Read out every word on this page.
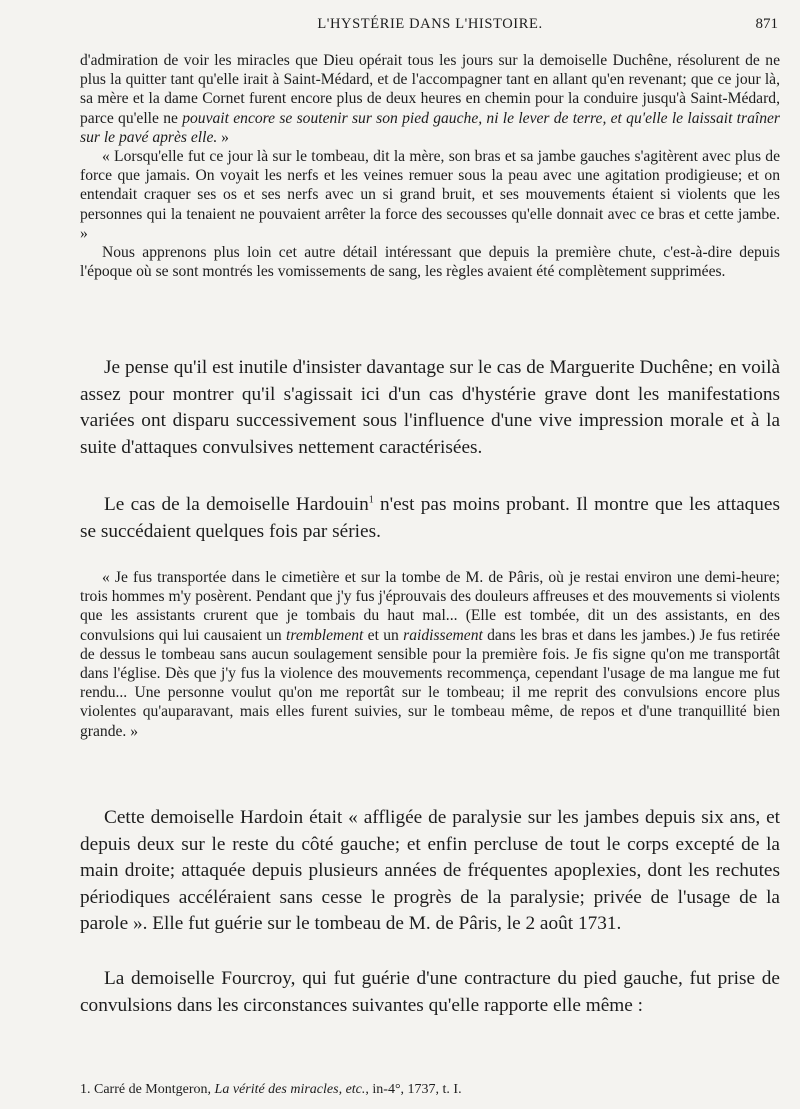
L'HYSTÉRIE DANS L'HISTOIRE.	871

d'admiration de voir les miracles que Dieu opérait tous les jours sur la demoiselle Duchêne, résolurent de ne plus la quitter tant qu'elle irait à Saint-Médard, et de l'accompagner tant en allant qu'en revenant; que ce jour là, sa mère et la dame Cornet furent encore plus de deux heures en chemin pour la conduire jusqu'à Saint-Médard, parce qu'elle ne pouvait encore se soutenir sur son pied gauche, ni le lever de terre, et qu'elle le laissait traîner sur le pavé après elle. »

« Lorsqu'elle fut ce jour là sur le tombeau, dit la mère, son bras et sa jambe gauches s'agitèrent avec plus de force que jamais. On voyait les nerfs et les veines remuer sous la peau avec une agitation prodigieuse; et on entendait craquer ses os et ses nerfs avec un si grand bruit, et ses mouvements étaient si violents que les personnes qui la tenaient ne pouvaient arrêter la force des secousses qu'elle donnait avec ce bras et cette jambe. »

Nous apprenons plus loin cet autre détail intéressant que depuis la première chute, c'est-à-dire depuis l'époque où se sont montrés les vomissements de sang, les règles avaient été complètement supprimées.

Je pense qu'il est inutile d'insister davantage sur le cas de Marguerite Duchêne; en voilà assez pour montrer qu'il s'agissait ici d'un cas d'hystérie grave dont les manifestations variées ont disparu successivement sous l'influence d'une vive impression morale et à la suite d'attaques convulsives nettement caractérisées.

Le cas de la demoiselle Hardouin$^1$ n'est pas moins probant. Il montre que les attaques se succédaient quelques fois par séries.

« Je fus transportée dans le cimetière et sur la tombe de M. de Pâris, où je restai environ une demi-heure; trois hommes m'y posèrent. Pendant que j'y fus j'éprouvais des douleurs affreuses et des mouvements si violents que les assistants crurent que je tombais du haut mal... (Elle est tombée, dit un des assistants, en des convulsions qui lui causaient un tremblement et un raidissement dans les bras et dans les jambes.) Je fus retirée de dessus le tombeau sans aucun soulagement sensible pour la première fois. Je fis signe qu'on me transportât dans l'église. Dès que j'y fus la violence des mouvements recommença, cependant l'usage de ma langue me fut rendu... Une personne voulut qu'on me reportât sur le tombeau; il me reprit des convulsions encore plus violentes qu'auparavant, mais elles furent suivies, sur le tombeau même, de repos et d'une tranquillité bien grande. »

Cette demoiselle Hardoin était « affligée de paralysie sur les jambes depuis six ans, et depuis deux sur le reste du côté gauche; et enfin percluse de tout le corps excepté de la main droite; attaquée depuis plusieurs années de fréquentes apoplexies, dont les rechutes périodiques accéléraient sans cesse le progrès de la paralysie; privée de l'usage de la parole ». Elle fut guérie sur le tombeau de M. de Pâris, le 2 août 1731.

La demoiselle Fourcroy, qui fut guérie d'une contracture du pied gauche, fut prise de convulsions dans les circonstances suivantes qu'elle rapporte elle même :

1. Carré de Montgeron, La vérité des miracles, etc., in-4°, 1737, t. I.
